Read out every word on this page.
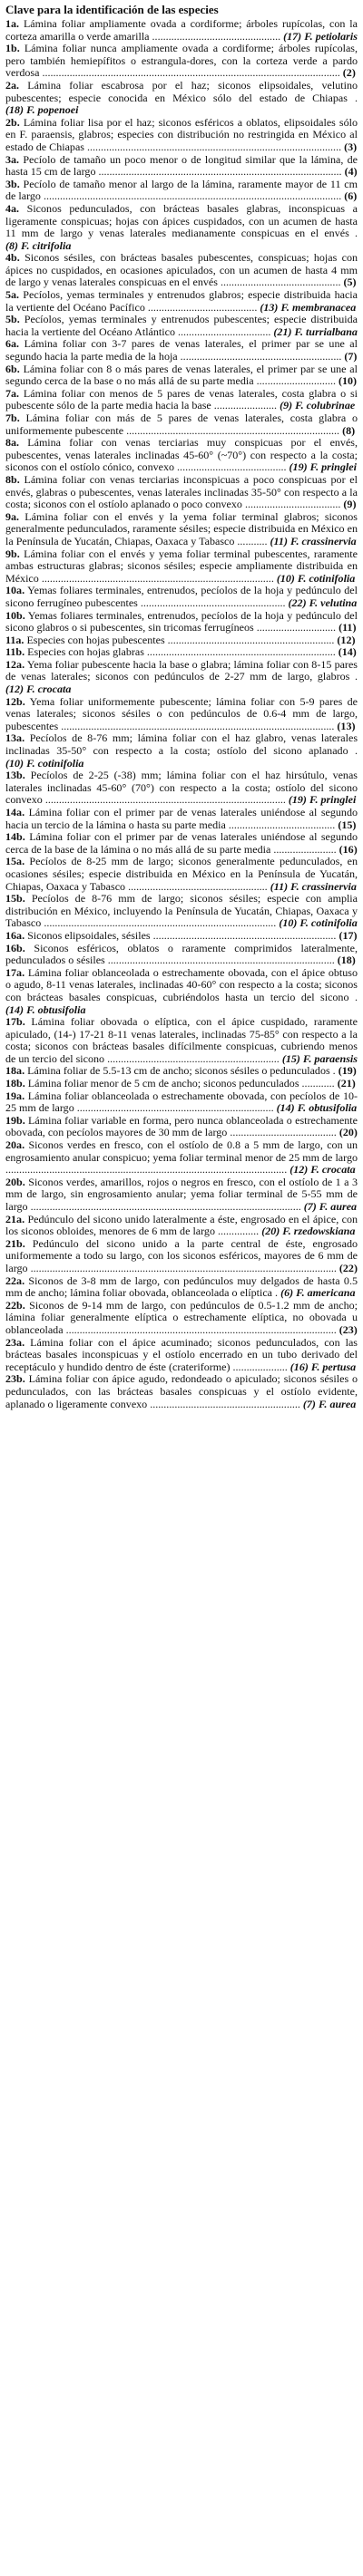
Clave para la identificación de las especies

1a. Lámina foliar ampliamente ovada a cordiforme; árboles rupícolas, con la corteza amarilla o verde amarilla ............................................... (17) F. petiolaris

1b. Lámina foliar nunca ampliamente ovada a cordiforme; árboles rupícolas, pero también hemiepífitos o estrangula-dores, con la corteza verde a pardo verdosa ............................................................................................................. (2)

2a. Lámina foliar escabrosa por el haz; siconos elipsoidales, velutino pubescentes; especie conocida en México sólo del estado de Chiapas . (18) F. popenoei

2b. Lámina foliar lisa por el haz; siconos esféricos a oblatos, elipsoidales sólo en F. paraensis, glabros; especies con distribución no restringida en México al estado de Chiapas ............................................................................................. (3)

3a. Pecíolo de tamaño un poco menor o de longitud similar que la lámina, de hasta 15 cm de largo ......................................................................................... (4)

3b. Pecíolo de tamaño menor al largo de la lámina, raramente mayor de 11 cm de largo ............................................................................................................. (6)

4a. Siconos pedunculados, con brácteas basales glabras, inconspicuas a ligeramente conspicuas; hojas con ápices cuspidados, con un acumen de hasta 11 mm de largo y venas laterales medianamente conspicuas en el envés . (8) F. citrifolia

4b. Siconos sésiles, con brácteas basales pubescentes, conspicuas; hojas con ápices no cuspidados, en ocasiones apiculados, con un acumen de hasta 4 mm de largo y venas laterales conspicuas en el envés ............................................ (5)

5a. Pecíolos, yemas terminales y entrenudos glabros; especie distribuida hacia la vertiente del Océano Pacífico ........................................ (13) F. membranacea

5b. Pecíolos, yemas terminales y entrenudos pubescentes; especie distribuida hacia la vertiente del Océano Atlántico .................................. (21) F. turrialbana

6a. Lámina foliar con 3-7 pares de venas laterales, el primer par se une al segundo hacia la parte media de la hoja ........................................................... (7)

6b. Lámina foliar con 8 o más pares de venas laterales, el primer par se une al segundo cerca de la base o no más allá de su parte media ............................. (10)

7a. Lámina foliar con menos de 5 pares de venas laterales, costa glabra o si pubescente sólo de la parte media hacia la base ....................... (9) F. colubrinae

7b. Lámina foliar con más de 5 pares de venas laterales, costa glabra o uniformemente pubescente .............................................................................. (8)

8a. Lámina foliar con venas terciarias muy conspicuas por el envés, pubescentes, venas laterales inclinadas 45-60° (~70°) con respecto a la costa; siconos con el ostíolo cónico, convexo ........................................ (19) F. pringlei

8b. Lámina foliar con venas terciarias inconspicuas a poco conspicuas por el envés, glabras o pubescentes, venas laterales inclinadas 35-50° con respecto a la costa; siconos con el ostíolo aplanado o poco convexo ................................... (9)

9a. Lámina foliar con el envés y la yema foliar terminal glabros; siconos generalmente pedunculados, raramente sésiles; especie distribuida en México en la Península de Yucatán, Chiapas, Oaxaca y Tabasco ........... (11) F. crassinervia

9b. Lámina foliar con el envés y yema foliar terminal pubescentes, raramente ambas estructuras glabras; siconos sésiles; especie ampliamente distribuida en México ..................................................................................... (10) F. cotinifolia

10a. Yemas foliares terminales, entrenudos, pecíolos de la hoja y pedúnculo del sicono ferrugíneo pubescentes ..................................................... (22) F. velutina

10b. Yemas foliares terminales, entrenudos, pecíolos de la hoja y pedúnculo del sicono glabros o si pubescentes, sin tricomas ferrugíneos ............................. (11)

11a. Especies con hojas pubescentes ............................................................. (12)

11b. Especies con hojas glabras ..................................................................... (14)

12a. Yema foliar pubescente hacia la base o glabra; lámina foliar con 8-15 pares de venas laterales; siconos con pedúnculos de 2-27 mm de largo, glabros . (12) F. crocata

12b. Yema foliar uniformemente pubescente; lámina foliar con 5-9 pares de venas laterales; siconos sésiles o con pedúnculos de 0.6-4 mm de largo, pubescentes .................................................................................................... (13)

13a. Pecíolos de 8-76 mm; lámina foliar con el haz glabro, venas laterales inclinadas 35-50° con respecto a la costa; ostíolo del sicono aplanado . (10) F. cotinifolia

13b. Pecíolos de 2-25 (-38) mm; lámina foliar con el haz hirsútulo, venas laterales inclinadas 45-60° (70°) con respecto a la costa; ostíolo del sicono convexo ........................................................................................ (19) F. pringlei

14a. Lámina foliar con el primer par de venas laterales uniéndose al segundo hacia un tercio de la lámina o hasta su parte media ....................................... (15)

14b. Lámina foliar con el primer par de venas laterales uniéndose al segundo cerca de la base de la lámina o no más allá de su parte media ....................... (16)

15a. Pecíolos de 8-25 mm de largo; siconos generalmente pedunculados, en ocasiones sésiles; especie distribuida en México en la Península de Yucatán, Chiapas, Oaxaca y Tabasco ................................................... (11) F. crassinervia

15b. Pecíolos de 8-76 mm de largo; siconos sésiles; especie con amplia distribución en México, incluyendo la Península de Yucatán, Chiapas, Oaxaca y Tabasco ..................................................................................... (10) F. cotinifolia

16a. Siconos elipsoidales, sésiles ................................................................... (17)

16b. Siconos esféricos, oblatos o raramente comprimidos lateralmente, pedunculados o sésiles ................................................................................... (18)

17a. Lámina foliar oblanceolada o estrechamente obovada, con el ápice obtuso o agudo, 8-11 venas laterales, inclinadas 40-60° con respecto a la costa; siconos con brácteas basales conspicuas, cubriéndolos hasta un tercio del sicono . (14) F. obtusifolia

17b. Lámina foliar obovada o elíptica, con el ápice cuspidado, raramente apiculado, (14-) 17-21 8-11 venas laterales, inclinadas 75-85° con respecto a la costa; siconos con brácteas basales difícilmente conspicuas, cubriendo menos de un tercio del sicono ............................................................... (15) F. paraensis

18a. Lámina foliar de 5.5-13 cm de ancho; siconos sésiles o pedunculados . (19)

18b. Lámina foliar menor de 5 cm de ancho; siconos pedunculados ............ (21)

19a. Lámina foliar oblanceolada o estrechamente obovada, con pecíolos de 10-25 mm de largo ........................................................................ (14) F. obtusifolia

19b. Lámina foliar variable en forma, pero nunca oblanceolada o estrechamente obovada, con pecíolos mayores de 30 mm de largo ....................................... (20)

20a. Siconos verdes en fresco, con el ostíolo de 0.8 a 5 mm de largo, con un engrosamiento anular conspicuo; yema foliar terminal menor de 25 mm de largo ....................................................................................................... (12) F. crocata

20b. Siconos verdes, amarillos, rojos o negros en fresco, con el ostíolo de 1 a 3 mm de largo, sin engrosamiento anular; yema foliar terminal de 5-55 mm de largo ................................................................................................... (7) F. aurea

21a. Pedúnculo del sicono unido lateralmente a éste, engrosado en el ápice, con los siconos obloides, menores de 6 mm de largo ............... (20) F. rzedowskiana

21b. Pedúnculo del sicono unido a la parte central de éste, engrosado uniformemente a todo su largo, con los siconos esféricos, mayores de 6 mm de largo ................................................................................................................ (22)

22a. Siconos de 3-8 mm de largo, con pedúnculos muy delgados de hasta 0.5 mm de ancho; lámina foliar obovada, oblanceolada o elíptica . (6) F. americana

22b. Siconos de 9-14 mm de largo, con pedúnculos de 0.5-1.2 mm de ancho; lámina foliar generalmente elíptica o estrechamente elíptica, no obovada u oblanceolada ................................................................................................... (23)

23a. Lámina foliar con el ápice acuminado; siconos pedunculados, con las brácteas basales inconspicuas y el ostíolo encerrado en un tubo derivado del receptáculo y hundido dentro de éste (crateriforme) .................... (16) F. pertusa

23b. Lámina foliar con ápice agudo, redondeado o apiculado; siconos sésiles o pedunculados, con las brácteas basales conspicuas y el ostíolo evidente, aplanado o ligeramente convexo ....................................................... (7) F. aurea
